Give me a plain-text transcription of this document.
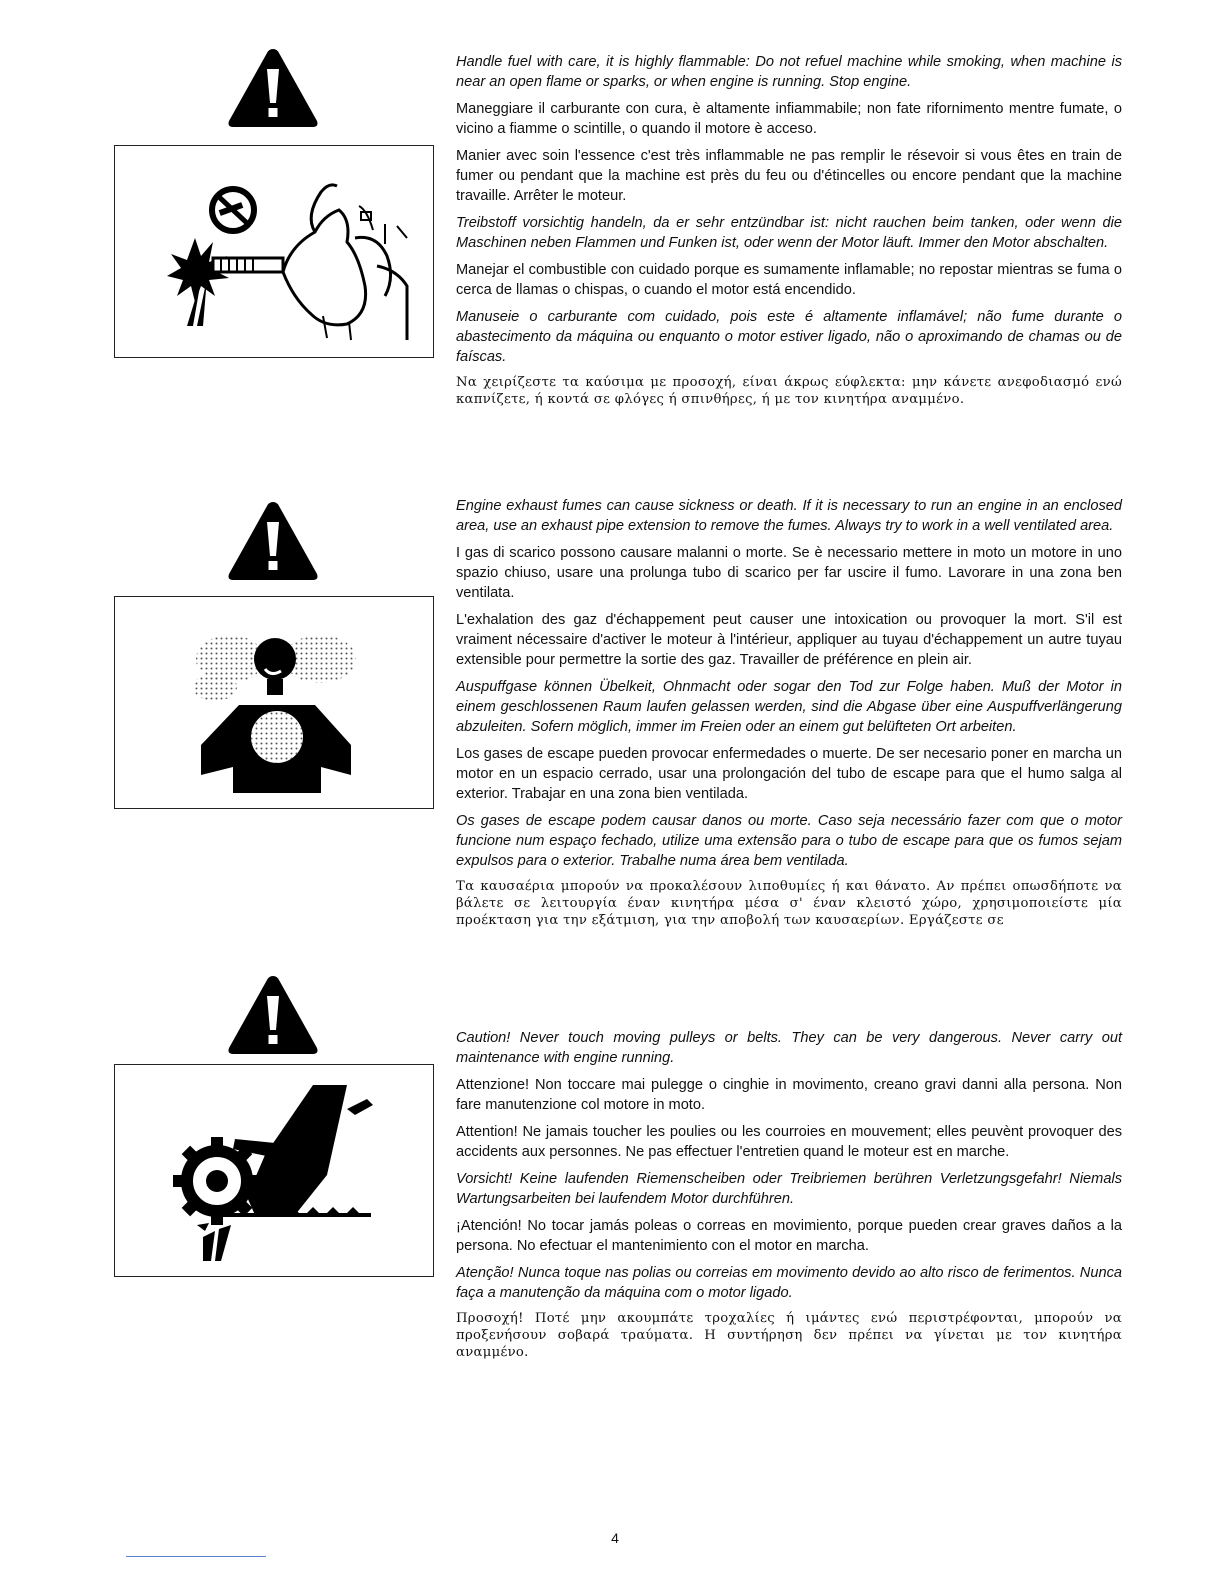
Handle fuel with care, it is highly flammable: Do not refuel machine while smoking, when machine is near an open flame or sparks, or when engine is running. Stop engine.

Maneggiare il carburante con cura, è altamente infiammabile; non fate rifornimento mentre fumate, o vicino a fiamme o scintille, o quando il motore è acceso.

Manier avec soin l'essence c'est très inflammable ne pas remplir le résevoir si vous êtes en train de fumer ou pendant que la machine est près du feu ou d'étincelles ou encore pendant que la machine travaille. Arrêter le moteur.

Treibstoff vorsichtig handeln, da er sehr entzündbar ist: nicht rauchen beim tanken, oder wenn die Maschinen neben Flammen und Funken ist, oder wenn der Motor läuft. Immer den Motor abschalten.

Manejar el combustible con cuidado porque es sumamente inflamable; no repostar mientras se fuma o cerca de llamas o chispas, o cuando el motor está encendido.

Manuseie o carburante com cuidado, pois este é altamente inflamável; não fume durante o abastecimento da máquina ou enquanto o motor estiver ligado, não o aproximando de chamas ou de faíscas.

Να χειρίζεστε τα καύσιμα με προσοχή, είναι άκρως εύφλεκτα: μην κάνετε ανεφοδιασμό ενώ καπνίζετε, ή κοντά σε φλόγες ή σπινθήρες, ή με τον κινητήρα αναμμένο.

Engine exhaust fumes can cause sickness or death. If it is necessary to run an engine in an enclosed area, use an exhaust pipe extension to remove the fumes. Always try to work in a well ventilated area.

I gas di scarico possono causare malanni o morte. Se è necessario mettere in moto un motore in uno spazio chiuso, usare una prolunga tubo di scarico per far uscire il fumo. Lavorare in una zona ben ventilata.

L'exhalation des gaz d'échappement peut causer une intoxication ou provoquer la mort. S'il est vraiment nécessaire d'activer le moteur à l'intérieur, appliquer au tuyau d'échappement un autre tuyau extensible pour permettre la sortie des gaz. Travailler de préférence en plein air.

Auspuffgase können Übelkeit, Ohnmacht oder sogar den Tod zur Folge haben. Muß der Motor in einem geschlossenen Raum laufen gelassen werden, sind die Abgase über eine Auspuffverlängerung abzuleiten. Sofern möglich, immer im Freien oder an einem gut belüfteten Ort arbeiten.

Los gases de escape pueden provocar enfermedades o muerte. De ser necesario poner en marcha un motor en un espacio cerrado, usar una prolongación del tubo de escape para que el humo salga al exterior. Trabajar en una zona bien ventilada.

Os gases de escape podem causar danos ou morte. Caso seja necessário fazer com que o motor funcione num espaço fechado, utilize uma extensão para o tubo de escape para que os fumos sejam expulsos para o exterior. Trabalhe numa área bem ventilada.

Τα καυσαέρια μπορούν να προκαλέσουν λιποθυμίες ή και θάνατο. Αν πρέπει οπωσδήποτε να βάλετε σε λειτουργία έναν κινητήρα μέσα σ' έναν κλειστό χώρο, χρησιμοποιείστε μία προέκταση για την εξάτμιση, για την αποβολή των καυσαερίων. Εργάζεστε σε

Caution! Never touch moving pulleys or belts. They can be very dangerous. Never carry out maintenance with engine running.

Attenzione! Non toccare mai pulegge o cinghie in movimento, creano gravi danni alla persona. Non fare manutenzione col motore in moto.

Attention! Ne jamais toucher les poulies ou les courroies en mouvement; elles peuvènt provoquer des accidents aux personnes. Ne pas effectuer l'entretien quand le moteur est en marche.

Vorsicht! Keine laufenden Riemenscheiben oder Treibriemen berühren Verletzungsgefahr! Niemals Wartungsarbeiten bei laufendem Motor durchführen.

¡Atención! No tocar jamás poleas o correas en movimiento, porque pueden crear graves daños a la persona. No efectuar el mantenimiento con el motor en marcha.

Atenção! Nunca toque nas polias ou correias em movimento devido ao alto risco de ferimentos. Nunca faça a manutenção da máquina com o motor ligado.

Προσοχή! Ποτέ μην ακουμπάτε τροχαλίες ή ιμάντες ενώ περιστρέφονται, μπορούν να προξενήσουν σοβαρά τραύματα. Η συντήρηση δεν πρέπει να γίνεται με τον κινητήρα αναμμένο.

4
